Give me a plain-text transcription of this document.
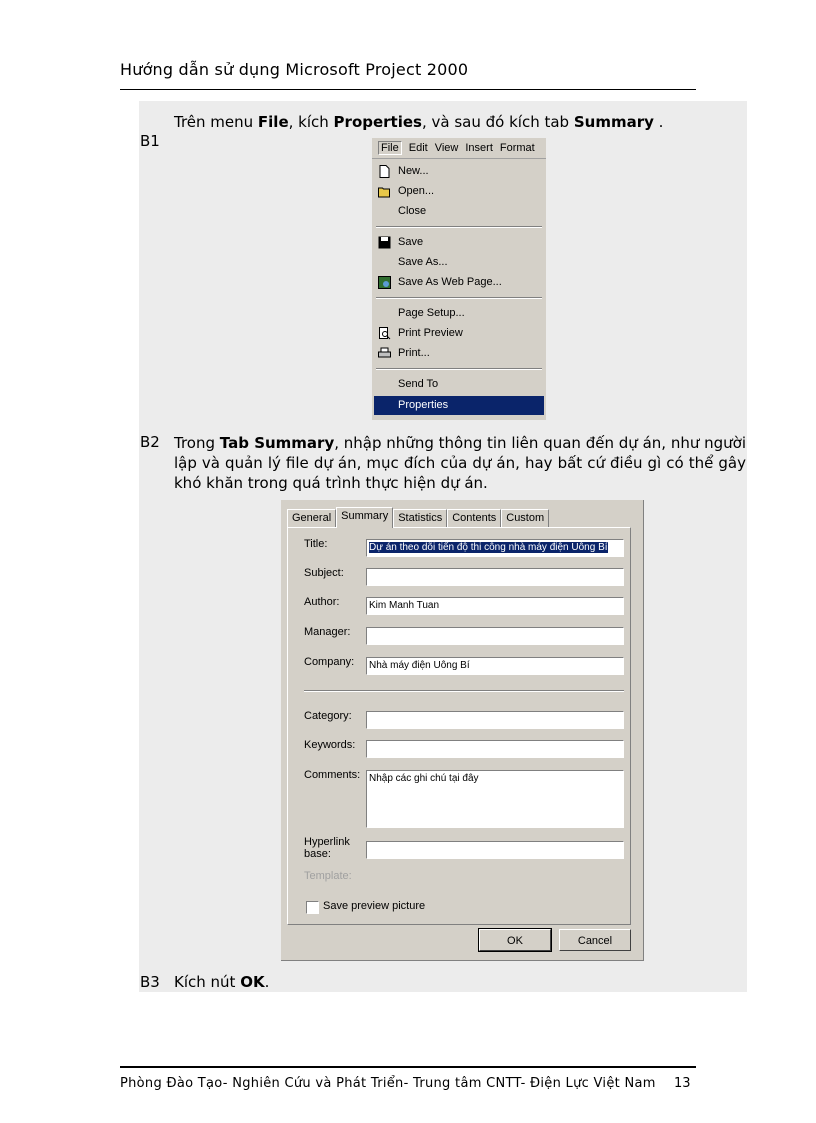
Hướng dẫn sử dụng Microsoft Project 2000
B1
Trên menu File, kích Properties, và sau đó kích tab Summary .
File Edit View Insert Format
New...
Open...
Close
Save
Save As...
Save As Web Page...
Page Setup...
Print Preview
Print...
Send To
Properties
B2 Trong Tab Summary, nhập những thông tin liên quan đến dự án, như người lập và quản lý file dự án, mục đích của dự án, hay bất cứ điều gì có thể gây khó khăn trong quá trình thực hiện dự án.
General Summary Statistics Contents Custom
Title:	Dự án theo dõi tiến độ thi công nhà máy điện Uông Bí
Subject:
Author:	Kim Manh Tuan
Manager:
Company:	Nhà máy điện Uông Bí
Category:
Keywords:
Comments: Nhập các ghi chú tại đây
Hyperlink base:
Template:
Save preview picture
OK	Cancel
B3 Kích nút OK.
Phòng Đào Tạo- Nghiên Cứu và Phát Triển- Trung tâm CNTT- Điện Lực Việt Nam 13
